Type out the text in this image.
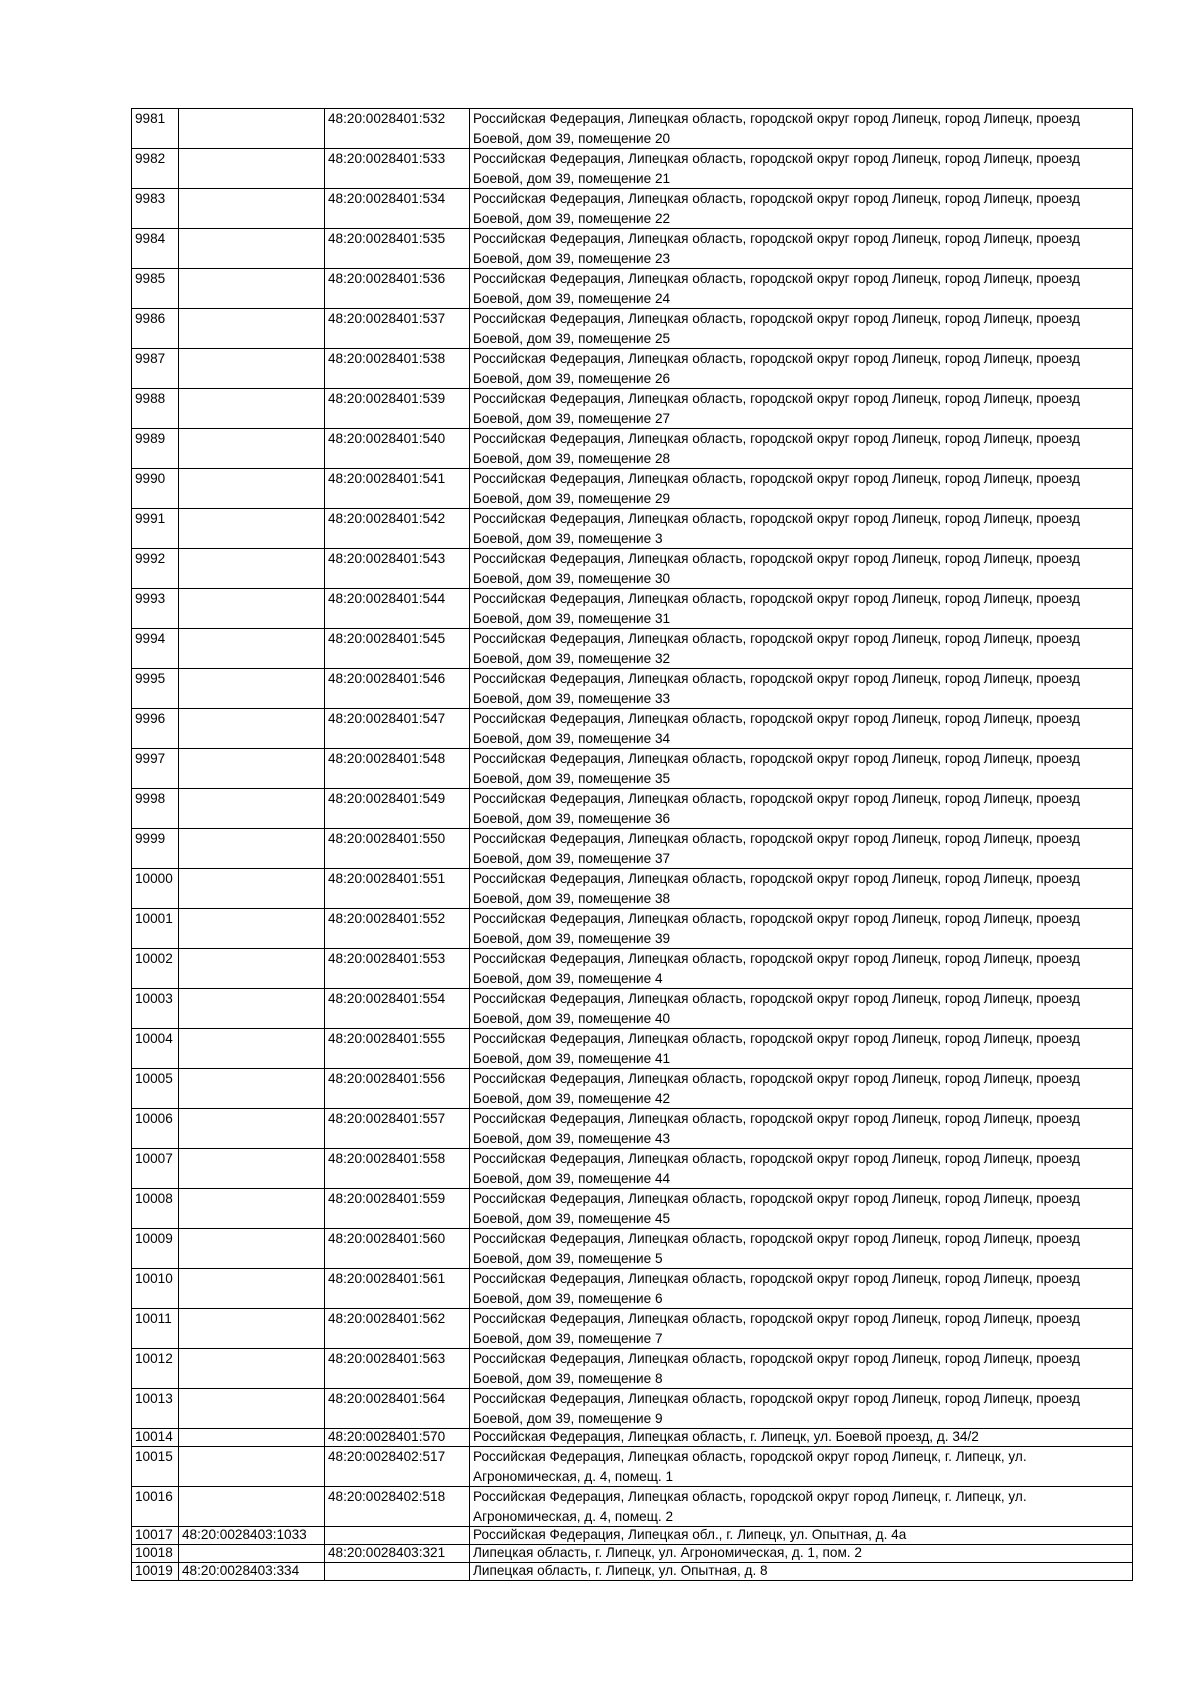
9981		48:20:0028401:532	Российская Федерация, Липецкая область, городской округ город Липецк, город Липецк, проезд Боевой, дом 39, помещение 20
9982		48:20:0028401:533	Российская Федерация, Липецкая область, городской округ город Липецк, город Липецк, проезд Боевой, дом 39, помещение 21
9983		48:20:0028401:534	Российская Федерация, Липецкая область, городской округ город Липецк, город Липецк, проезд Боевой, дом 39, помещение 22
9984		48:20:0028401:535	Российская Федерация, Липецкая область, городской округ город Липецк, город Липецк, проезд Боевой, дом 39, помещение 23
9985		48:20:0028401:536	Российская Федерация, Липецкая область, городской округ город Липецк, город Липецк, проезд Боевой, дом 39, помещение 24
9986		48:20:0028401:537	Российская Федерация, Липецкая область, городской округ город Липецк, город Липецк, проезд Боевой, дом 39, помещение 25
9987		48:20:0028401:538	Российская Федерация, Липецкая область, городской округ город Липецк, город Липецк, проезд Боевой, дом 39, помещение 26
9988		48:20:0028401:539	Российская Федерация, Липецкая область, городской округ город Липецк, город Липецк, проезд Боевой, дом 39, помещение 27
9989		48:20:0028401:540	Российская Федерация, Липецкая область, городской округ город Липецк, город Липецк, проезд Боевой, дом 39, помещение 28
9990		48:20:0028401:541	Российская Федерация, Липецкая область, городской округ город Липецк, город Липецк, проезд Боевой, дом 39, помещение 29
9991		48:20:0028401:542	Российская Федерация, Липецкая область, городской округ город Липецк, город Липецк, проезд Боевой, дом 39, помещение 3
9992		48:20:0028401:543	Российская Федерация, Липецкая область, городской округ город Липецк, город Липецк, проезд Боевой, дом 39, помещение 30
9993		48:20:0028401:544	Российская Федерация, Липецкая область, городской округ город Липецк, город Липецк, проезд Боевой, дом 39, помещение 31
9994		48:20:0028401:545	Российская Федерация, Липецкая область, городской округ город Липецк, город Липецк, проезд Боевой, дом 39, помещение 32
9995		48:20:0028401:546	Российская Федерация, Липецкая область, городской округ город Липецк, город Липецк, проезд Боевой, дом 39, помещение 33
9996		48:20:0028401:547	Российская Федерация, Липецкая область, городской округ город Липецк, город Липецк, проезд Боевой, дом 39, помещение 34
9997		48:20:0028401:548	Российская Федерация, Липецкая область, городской округ город Липецк, город Липецк, проезд Боевой, дом 39, помещение 35
9998		48:20:0028401:549	Российская Федерация, Липецкая область, городской округ город Липецк, город Липецк, проезд Боевой, дом 39, помещение 36
9999		48:20:0028401:550	Российская Федерация, Липецкая область, городской округ город Липецк, город Липецк, проезд Боевой, дом 39, помещение 37
10000		48:20:0028401:551	Российская Федерация, Липецкая область, городской округ город Липецк, город Липецк, проезд Боевой, дом 39, помещение 38
10001		48:20:0028401:552	Российская Федерация, Липецкая область, городской округ город Липецк, город Липецк, проезд Боевой, дом 39, помещение 39
10002		48:20:0028401:553	Российская Федерация, Липецкая область, городской округ город Липецк, город Липецк, проезд Боевой, дом 39, помещение 4
10003		48:20:0028401:554	Российская Федерация, Липецкая область, городской округ город Липецк, город Липецк, проезд Боевой, дом 39, помещение 40
10004		48:20:0028401:555	Российская Федерация, Липецкая область, городской округ город Липецк, город Липецк, проезд Боевой, дом 39, помещение 41
10005		48:20:0028401:556	Российская Федерация, Липецкая область, городской округ город Липецк, город Липецк, проезд Боевой, дом 39, помещение 42
10006		48:20:0028401:557	Российская Федерация, Липецкая область, городской округ город Липецк, город Липецк, проезд Боевой, дом 39, помещение 43
10007		48:20:0028401:558	Российская Федерация, Липецкая область, городской округ город Липецк, город Липецк, проезд Боевой, дом 39, помещение 44
10008		48:20:0028401:559	Российская Федерация, Липецкая область, городской округ город Липецк, город Липецк, проезд Боевой, дом 39, помещение 45
10009		48:20:0028401:560	Российская Федерация, Липецкая область, городской округ город Липецк, город Липецк, проезд Боевой, дом 39, помещение 5
10010		48:20:0028401:561	Российская Федерация, Липецкая область, городской округ город Липецк, город Липецк, проезд Боевой, дом 39, помещение 6
10011		48:20:0028401:562	Российская Федерация, Липецкая область, городской округ город Липецк, город Липецк, проезд Боевой, дом 39, помещение 7
10012		48:20:0028401:563	Российская Федерация, Липецкая область, городской округ город Липецк, город Липецк, проезд Боевой, дом 39, помещение 8
10013		48:20:0028401:564	Российская Федерация, Липецкая область, городской округ город Липецк, город Липецк, проезд Боевой, дом 39, помещение 9
10014		48:20:0028401:570	Российская Федерация, Липецкая область, г. Липецк, ул. Боевой проезд, д. 34/2
10015		48:20:0028402:517	Российская Федерация, Липецкая область, городской округ город Липецк, г. Липецк, ул. Агрономическая, д. 4, помещ. 1
10016		48:20:0028402:518	Российская Федерация, Липецкая область, городской округ город Липецк, г. Липецк, ул. Агрономическая, д. 4, помещ. 2
10017	48:20:0028403:1033		Российская Федерация, Липецкая обл., г. Липецк, ул. Опытная, д. 4а
10018		48:20:0028403:321	Липецкая область, г. Липецк, ул. Агрономическая, д. 1, пом. 2
10019	48:20:0028403:334		Липецкая область, г. Липецк, ул. Опытная, д. 8
